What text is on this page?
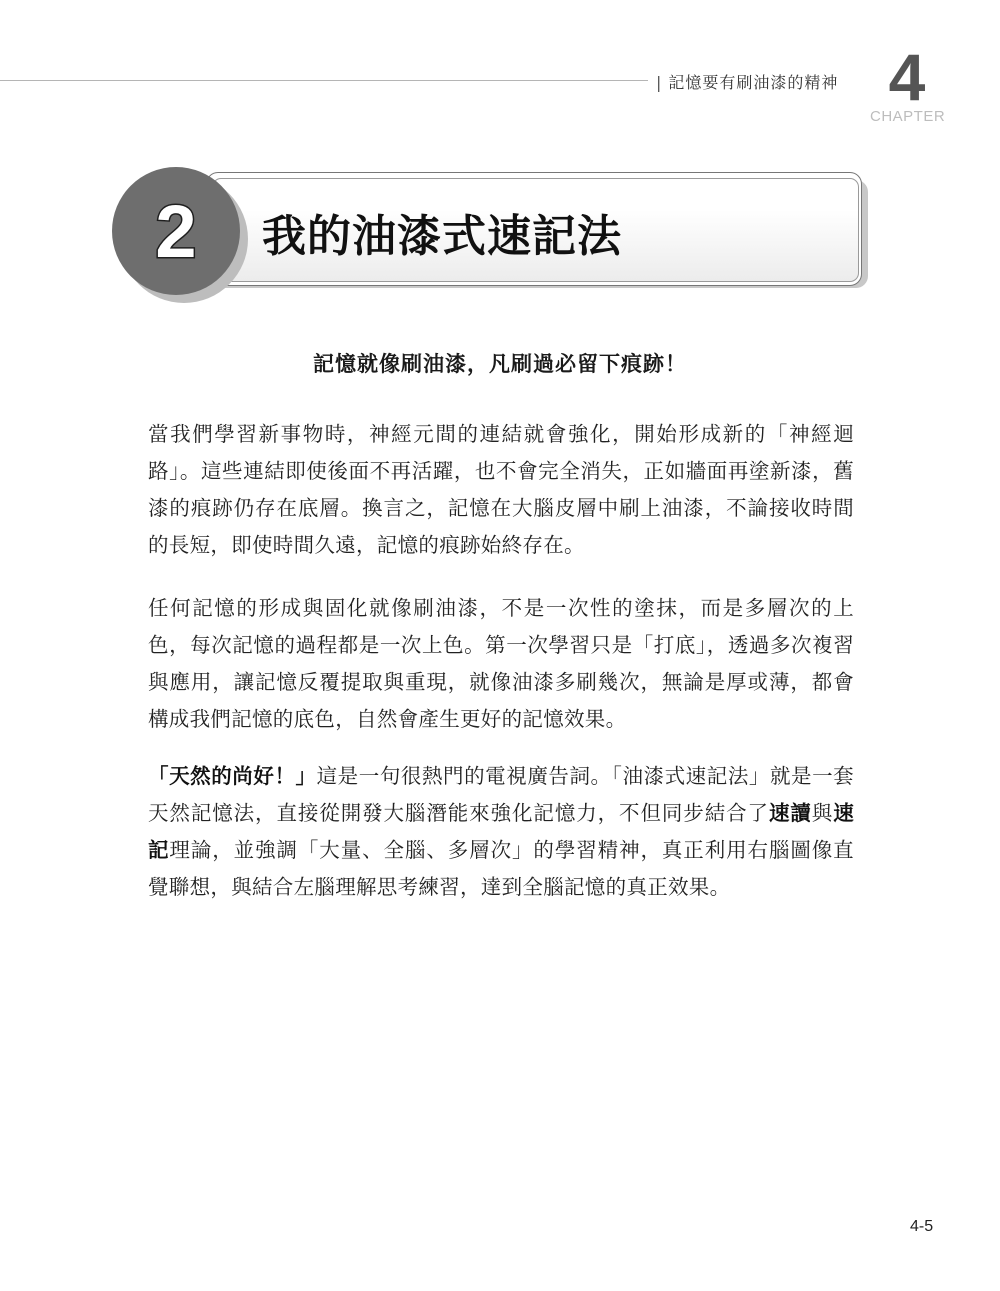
| 記憶要有刷油漆的精神 4
CHAPTER
2	我的油漆式速記法
記憶就像刷油漆，凡刷過必留下痕跡！

當我們學習新事物時，神經元間的連結就會強化，開始形成新的「神經迴路」。這些連結即使後面不再活躍，也不會完全消失，正如牆面再塗新漆，舊漆的痕跡仍存在底層。換言之，記憶在大腦皮層中刷上油漆，不論接收時間的長短，即使時間久遠，記憶的痕跡始終存在。

任何記憶的形成與固化就像刷油漆，不是一次性的塗抹，而是多層次的上色，每次記憶的過程都是一次上色。第一次學習只是「打底」，透過多次複習與應用，讓記憶反覆提取與重現，就像油漆多刷幾次，無論是厚或薄，都會構成我們記憶的底色，自然會產生更好的記憶效果。

「天然的尚好！」這是一句很熱門的電視廣告詞。「油漆式速記法」就是一套天然記憶法，直接從開發大腦潛能來強化記憶力，不但同步結合了速讀與速記理論，並強調「大量、全腦、多層次」的學習精神，真正利用右腦圖像直覺聯想，與結合左腦理解思考練習，達到全腦記憶的真正效果。

4-5
